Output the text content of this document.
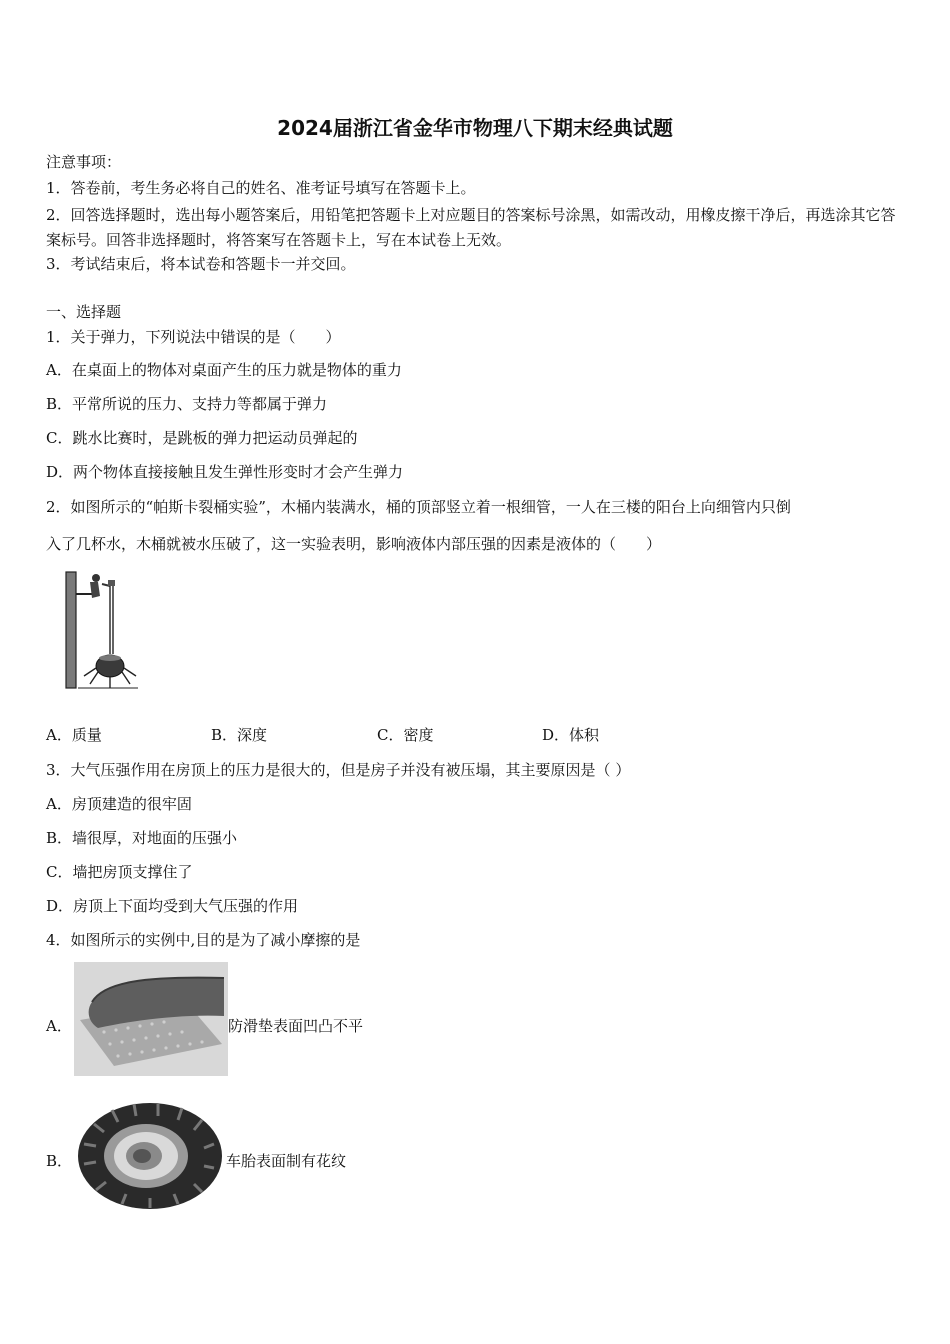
2024届浙江省金华市物理八下期末经典试题
注意事项：
1．答卷前，考生务必将自己的姓名、准考证号填写在答题卡上。
2．回答选择题时，选出每小题答案后，用铅笔把答题卡上对应题目的答案标号涂黑，如需改动，用橡皮擦干净后，再选涂其它答案标号。回答非选择题时，将答案写在答题卡上，写在本试卷上无效。
3．考试结束后，将本试卷和答题卡一并交回。
一、选择题
1．关于弹力，下列说法中错误的是（　　）
A．在桌面上的物体对桌面产生的压力就是物体的重力
B．平常所说的压力、支持力等都属于弹力
C．跳水比赛时，是跳板的弹力把运动员弹起的
D．两个物体直接接触且发生弹性形变时才会产生弹力
2．如图所示的“帕斯卡裂桶实验”，木桶内装满水，桶的顶部竖立着一根细管，一人在三楼的阳台上向细管内只倒
入了几杯水，木桶就被水压破了，这一实验表明，影响液体内部压强的因素是液体的（　　）
A．质量	B．深度	C．密度	D．体积
3．大气压强作用在房顶上的压力是很大的，但是房子并没有被压塌，其主要原因是（ ）
A．房顶建造的很牢固
B．墙很厚，对地面的压强小
C．墙把房顶支撑住了
D．房顶上下面均受到大气压强的作用
4．如图所示的实例中,目的是为了减小摩擦的是
A．	防滑垫表面凹凸不平
B．	车胎表面制有花纹
